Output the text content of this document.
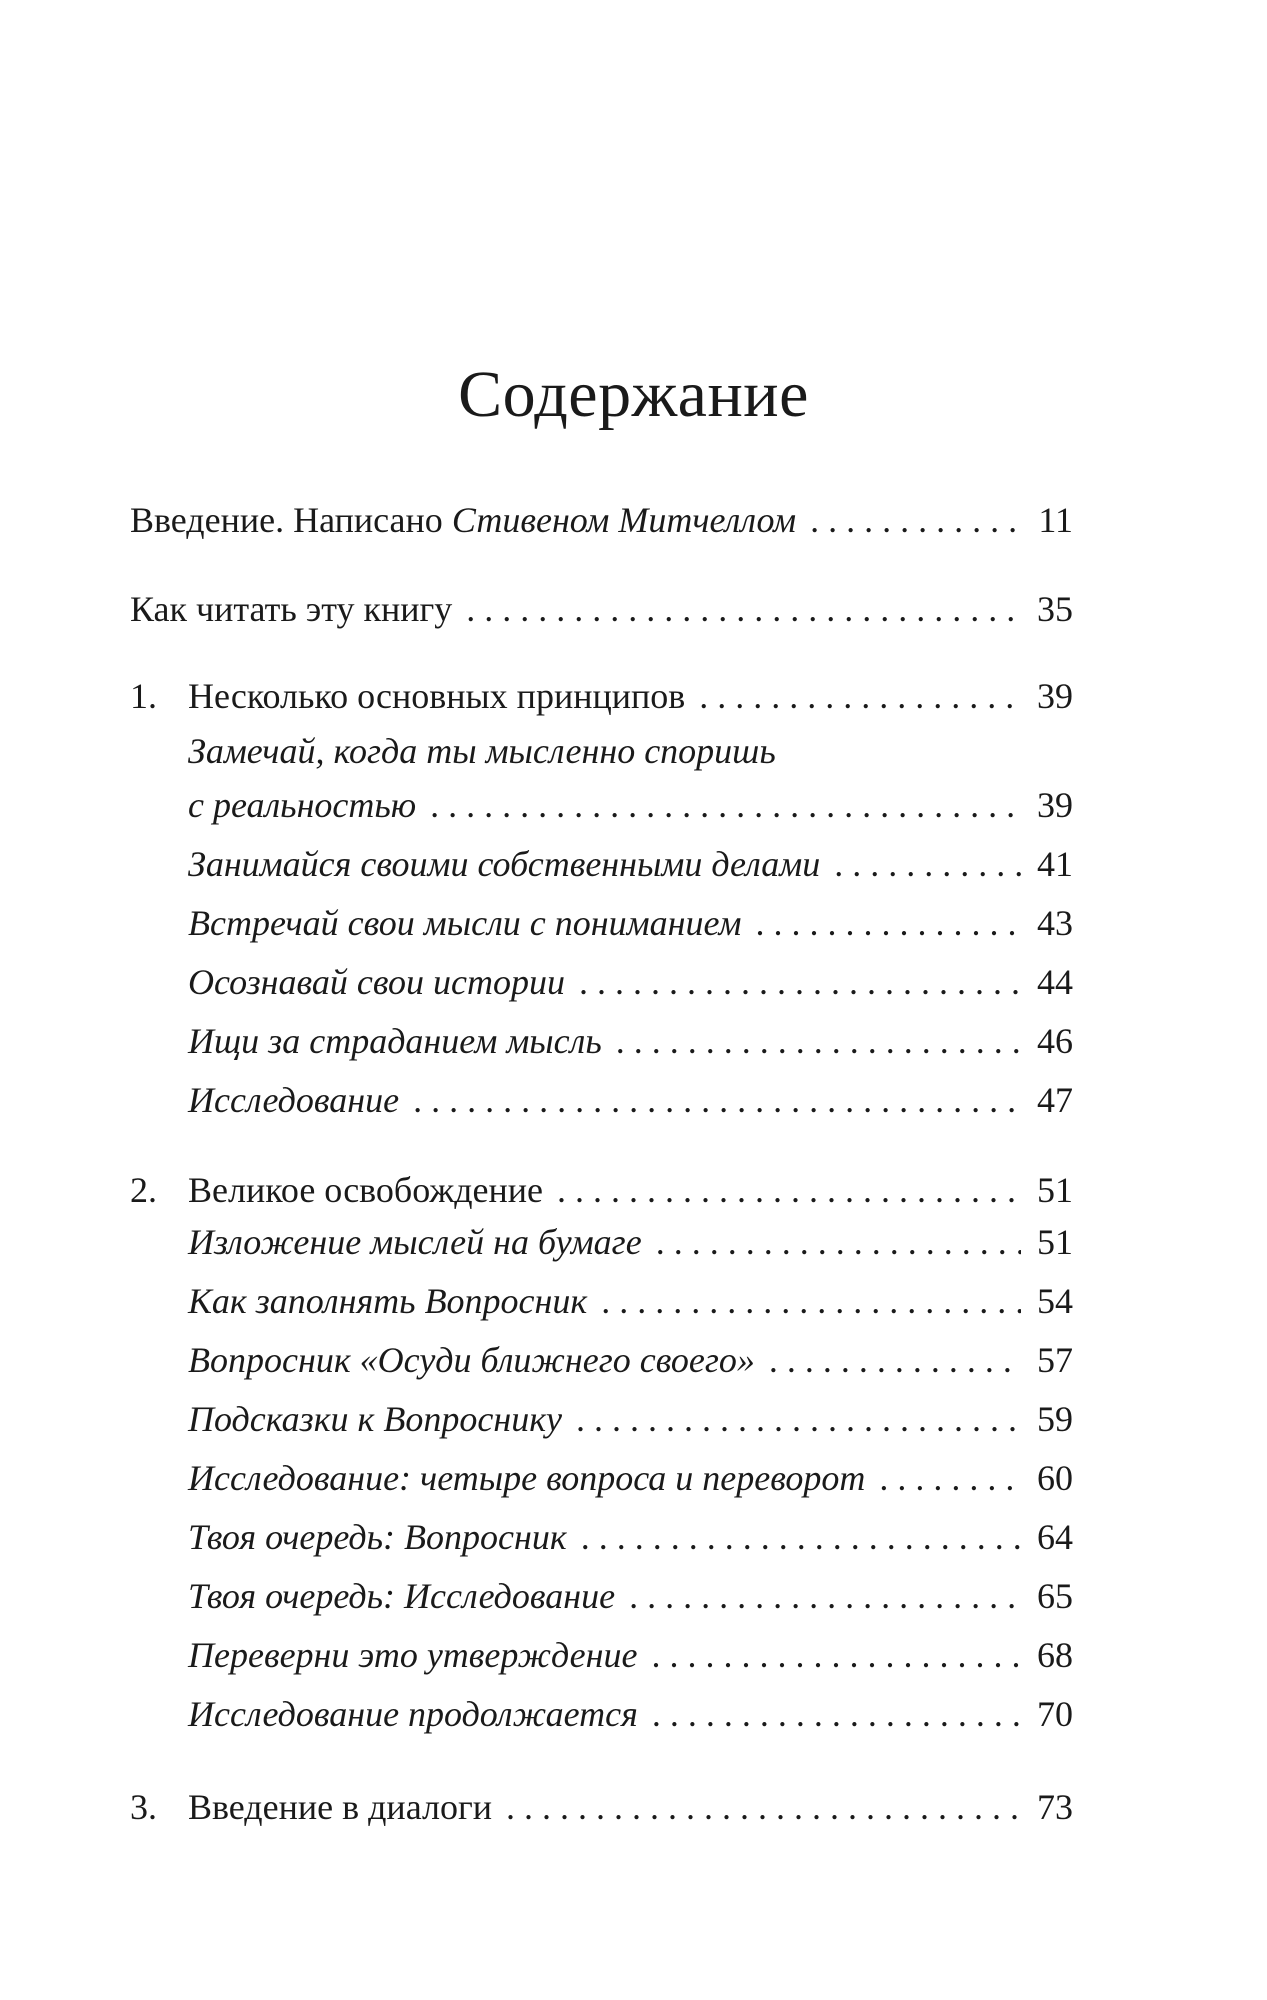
Содержание
Введение. Написано Стивеном Митчеллом . . .	11
Как читать эту книгу . . .	35
1. Несколько основных принципов . . .	39
Замечай, когда ты мысленно споришь
с реальностью . . .	39
Занимайся своими собственными делами . . .	41
Встречай свои мысли с пониманием . . .	43
Осознавай свои истории . . .	44
Ищи за страданием мысль . . .	46
Исследование . . .	47
2. Великое освобождение . . .	51
Изложение мыслей на бумаге . . .	51
Как заполнять Вопросник . . .	54
Вопросник «Осуди ближнего своего» . . .	57
Подсказки к Вопроснику . . .	59
Исследование: четыре вопроса и переворот . . .	60
Твоя очередь: Вопросник . . .	64
Твоя очередь: Исследование . . .	65
Переверни это утверждение . . .	68
Исследование продолжается . . .	70
3. Введение в диалоги . . .	73
